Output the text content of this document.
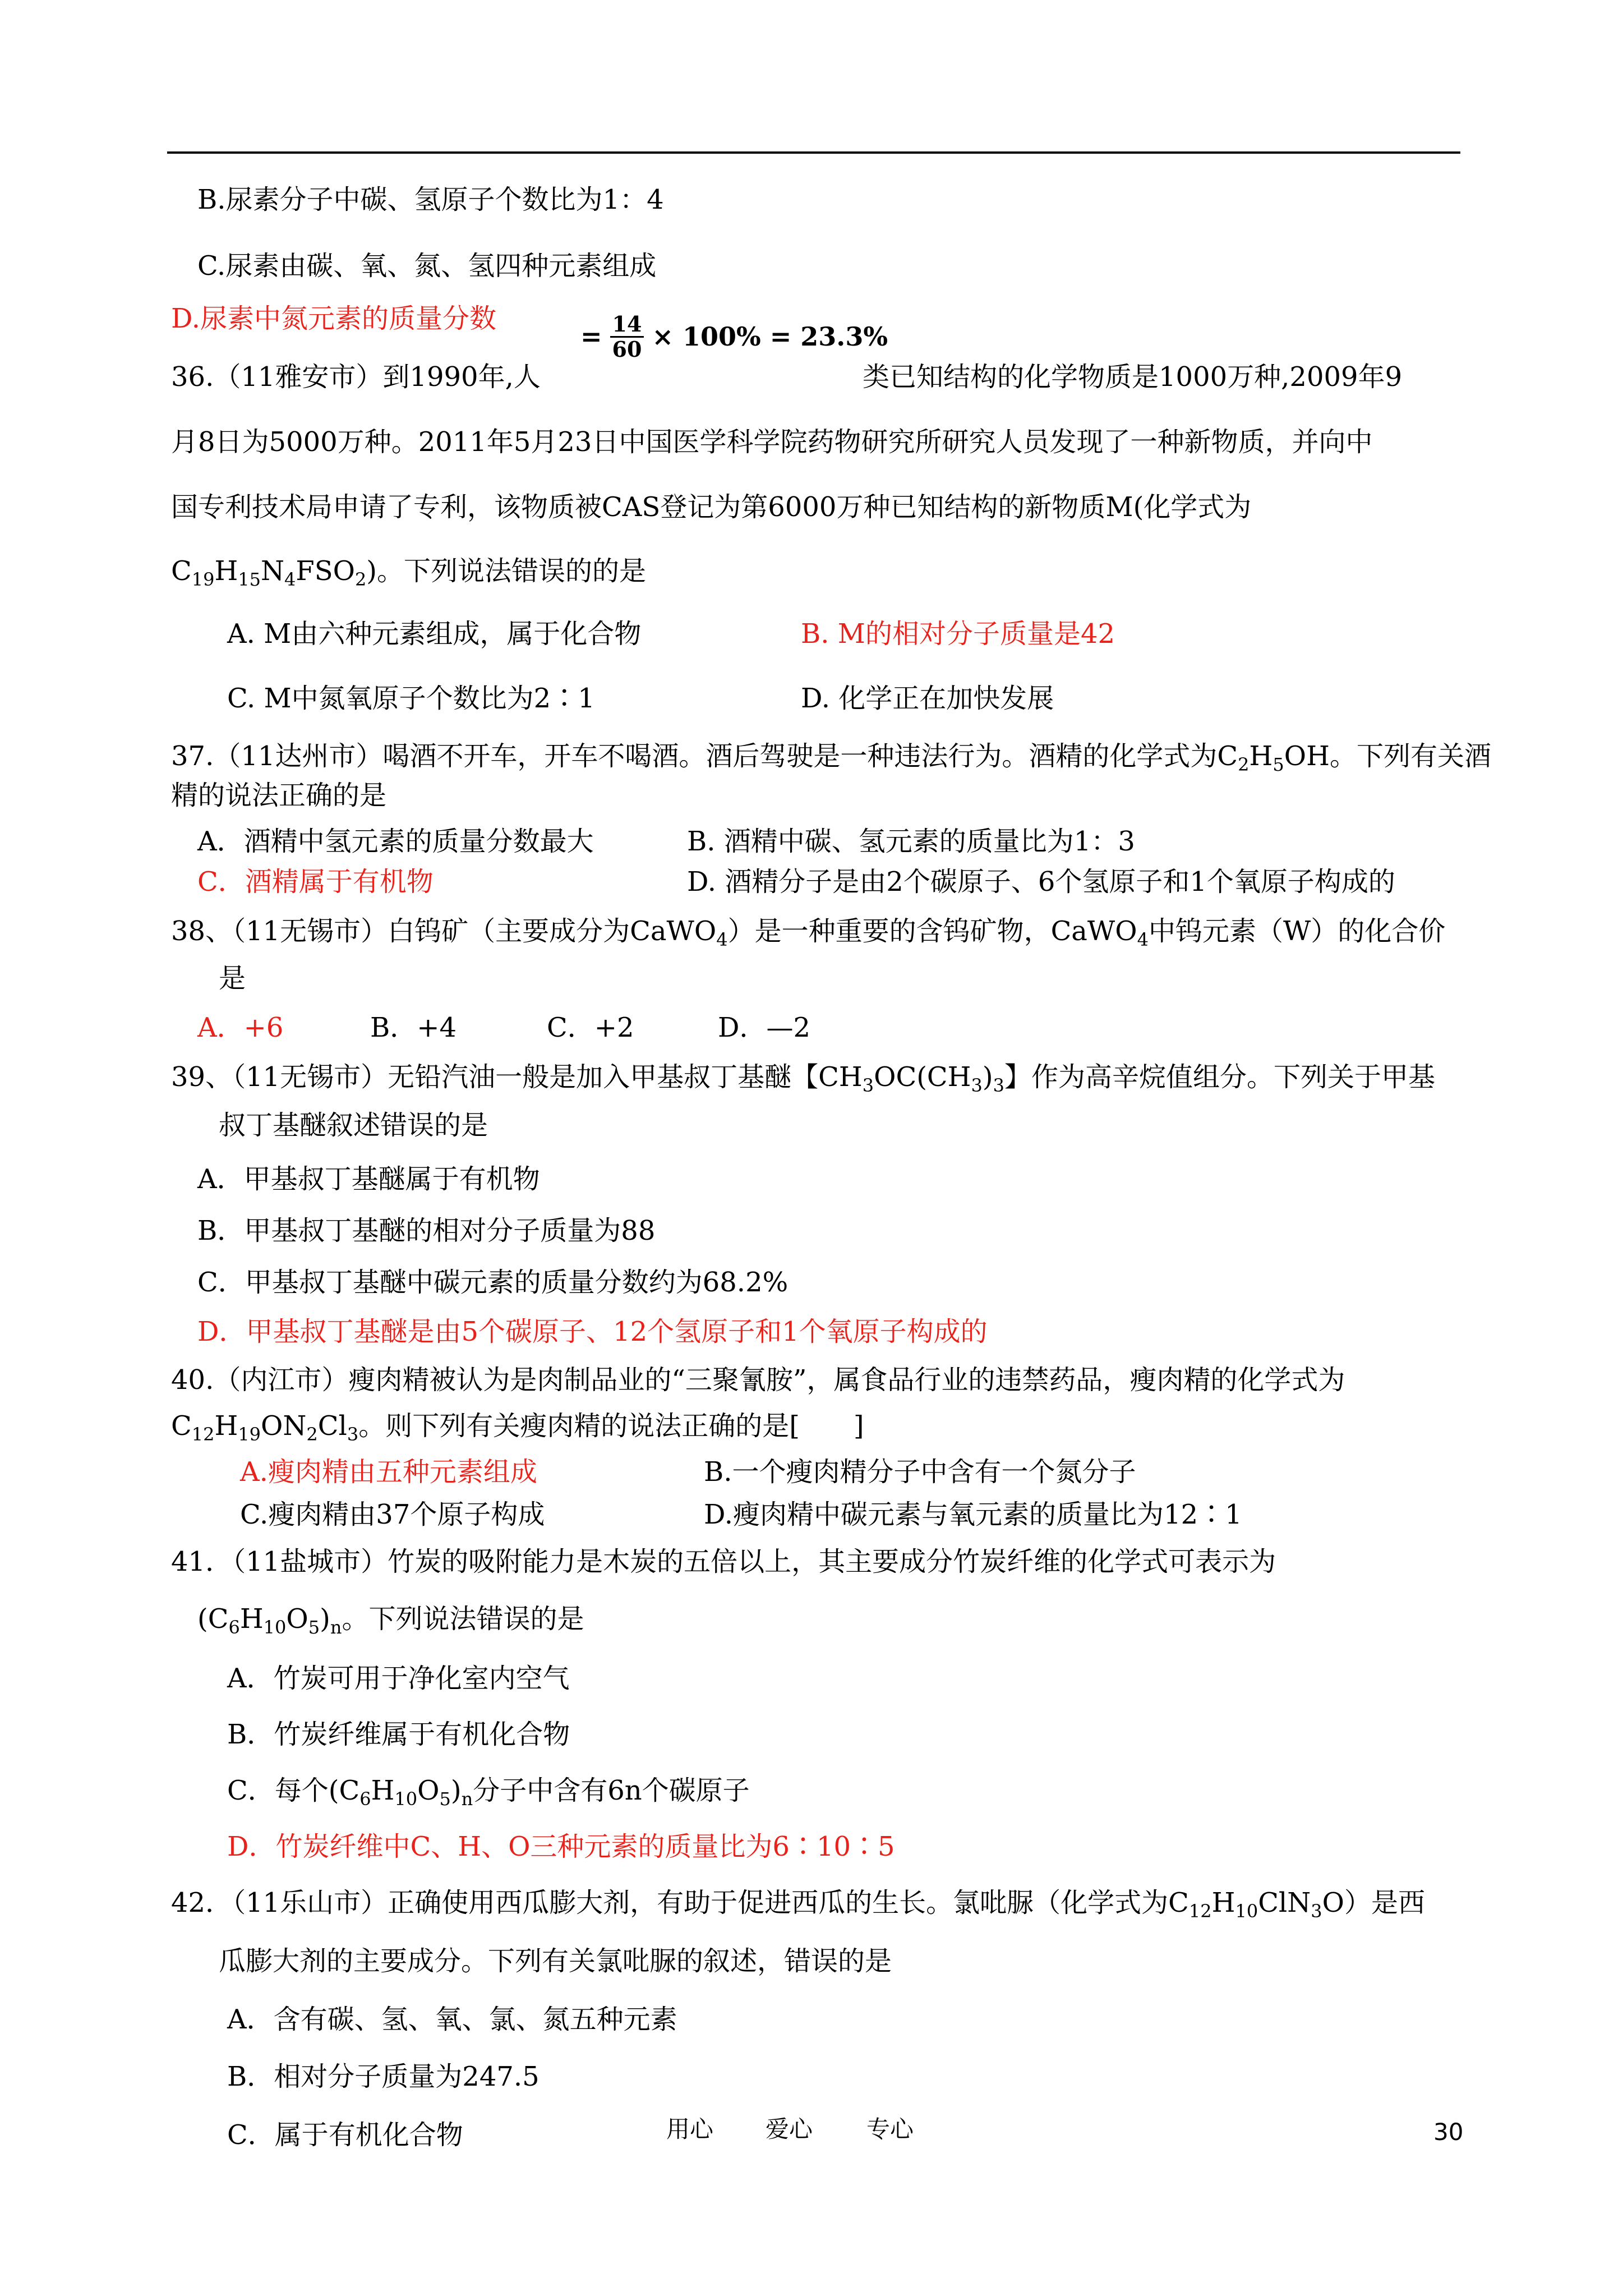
B.尿素分子中碳、氢原子个数比为1：4
C.尿素由碳、氧、氮、氢四种元素组成
D.尿素中氮元素的质量分数
= $\frac{14}{60} \times 100\% = 23.3\%$
36.（11雅安市）到1990年,人	类已知结构的化学物质是1000万种,2009年9
月8日为5000万种。2011年5月23日中国医学科学院药物研究所研究人员发现了一种新物质，并向中
国专利技术局申请了专利，该物质被CAS登记为第6000万种已知结构的新物质M(化学式为
$C_{19}H_{15}N_4FSO_2$)。下列说法错误的的是
A. M由六种元素组成，属于化合物	B. M的相对分子质量是42
C. M中氮氧原子个数比为2∶1	D. 化学正在加快发展
37.（11达州市）喝酒不开车，开车不喝酒。酒后驾驶是一种违法行为。酒精的化学式为$C_2H_5OH$。下列有关酒
精的说法正确的是
A．酒精中氢元素的质量分数最大	B. 酒精中碳、氢元素的质量比为1：3
C．酒精属于有机物	D. 酒精分子是由2个碳原子、6个氢原子和1个氧原子构成的
38、（11无锡市）白钨矿（主要成分为CaWO$_4$）是一种重要的含钨矿物，CaWO$_4$中钨元素（W）的化合价
是
A．+6	B．+4	C．+2	D．—2
39、（11无锡市）无铅汽油一般是加入甲基叔丁基醚【$CH_3OC(CH_3)_3$】作为高辛烷值组分。下列关于甲基
叔丁基醚叙述错误的是
A．甲基叔丁基醚属于有机物
B．甲基叔丁基醚的相对分子质量为88
C．甲基叔丁基醚中碳元素的质量分数约为68.2%
D．甲基叔丁基醚是由5个碳原子、12个氢原子和1个氧原子构成的
40.（内江市）瘦肉精被认为是肉制品业的“三聚氰胺”，属食品行业的违禁药品，瘦肉精的化学式为
$C_{12}H_{19}ON_2Cl_3$。则下列有关瘦肉精的说法正确的是[　　]
A.瘦肉精由五种元素组成	B.一个瘦肉精分子中含有一个氮分子
C.瘦肉精由37个原子构成	D.瘦肉精中碳元素与氧元素的质量比为12∶1
41．（11盐城市）竹炭的吸附能力是木炭的五倍以上，其主要成分竹炭纤维的化学式可表示为
$(C_6H_{10}O_5)_n$。下列说法错误的是
A．竹炭可用于净化室内空气
B．竹炭纤维属于有机化合物
C．每个$(C_6H_{10}O_5)_n$分子中含有6n个碳原子
D．竹炭纤维中C、H、O三种元素的质量比为6∶10∶5
42．（11乐山市）正确使用西瓜膨大剂，有助于促进西瓜的生长。氯吡脲（化学式为$C_{12}H_{10}ClN_3O$）是西
瓜膨大剂的主要成分。下列有关氯吡脲的叙述，错误的是
A．含有碳、氢、氧、氯、氮五种元素
B．相对分子质量为247.5
C．属于有机化合物	用心 爱心 专心	30
